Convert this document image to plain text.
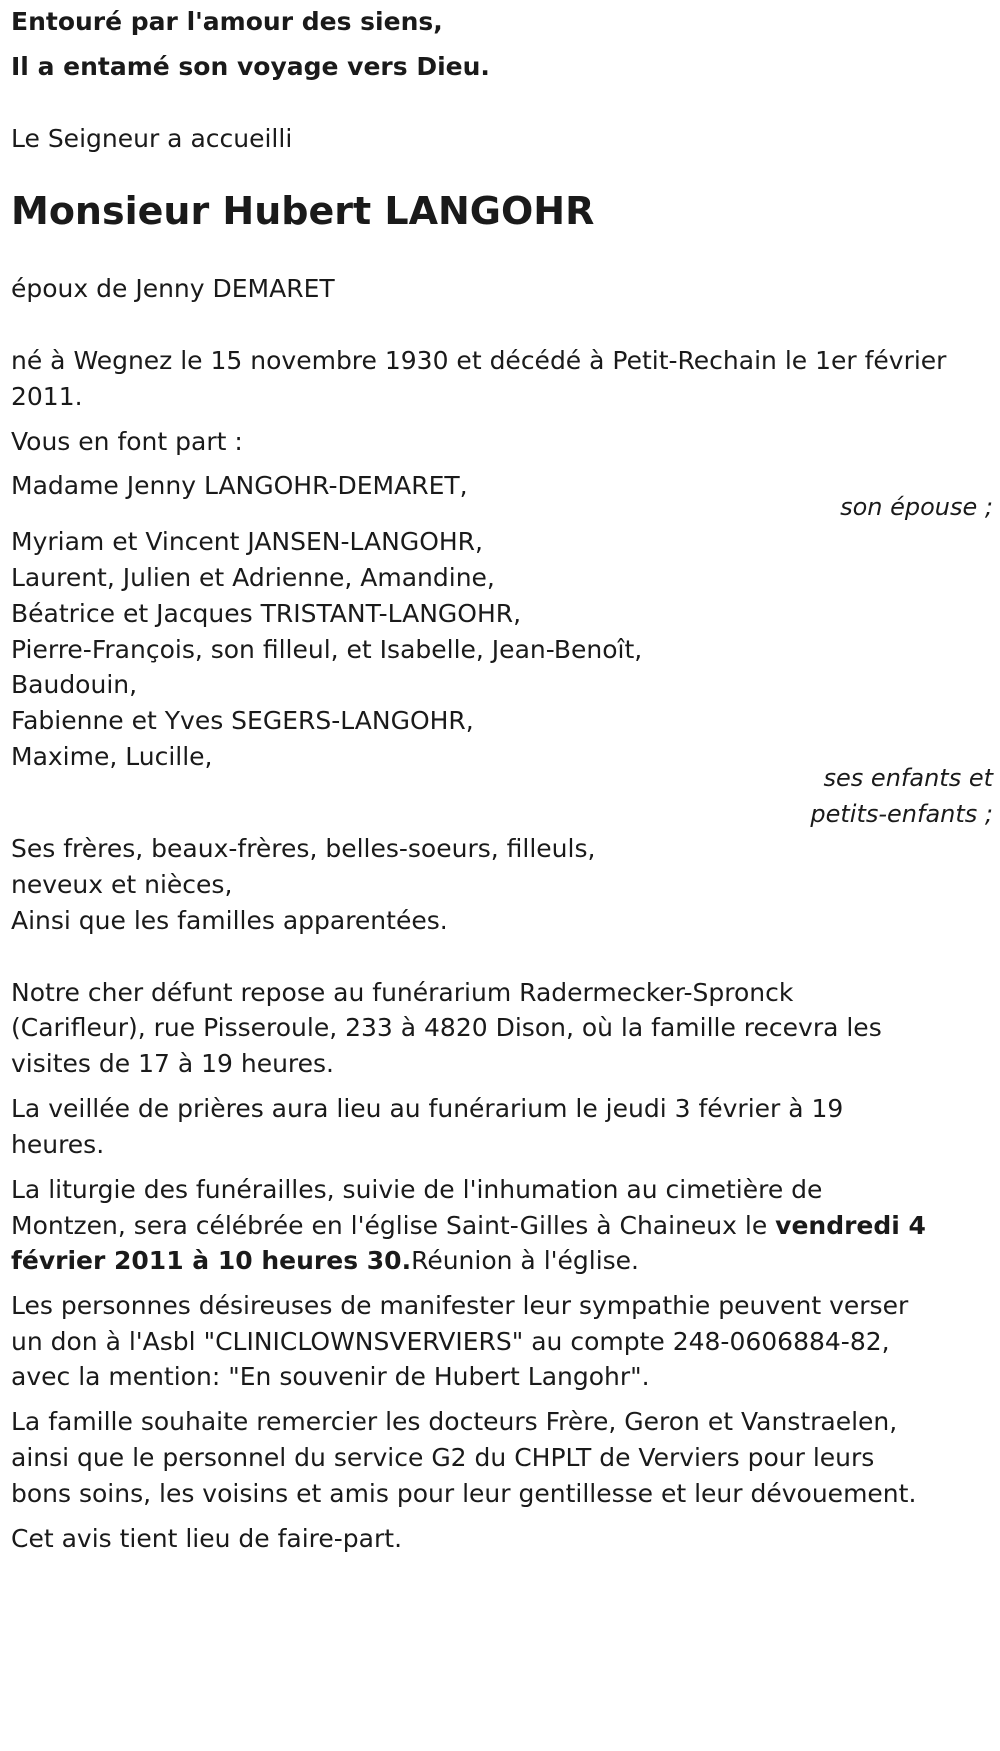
Entouré par l'amour des siens,
Il a entamé son voyage vers Dieu.
Le Seigneur a accueilli
Monsieur Hubert LANGOHR
époux de Jenny DEMARET
né à Wegnez le 15 novembre 1930 et décédé à Petit-Rechain le 1er février
2011.
Vous en font part :
Madame Jenny LANGOHR-DEMARET,
son épouse ;
Myriam et Vincent JANSEN-LANGOHR,
Laurent, Julien et Adrienne, Amandine,
Béatrice et Jacques TRISTANT-LANGOHR,
Pierre-François, son filleul, et Isabelle, Jean-Benoît,
Baudouin,
Fabienne et Yves SEGERS-LANGOHR,
Maxime, Lucille,
ses enfants et
petits-enfants ;
Ses frères, beaux-frères, belles-soeurs, filleuls,
neveux et nièces,
Ainsi que les familles apparentées.
Notre cher défunt repose au funérarium Radermecker-Spronck
(Carifleur), rue Pisseroule, 233 à 4820 Dison, où la famille recevra les
visites de 17 à 19 heures.
La veillée de prières aura lieu au funérarium le jeudi 3 février à 19
heures.
La liturgie des funérailles, suivie de l'inhumation au cimetière de
Montzen, sera célébrée en l'église Saint-Gilles à Chaineux le vendredi 4
février 2011 à 10 heures 30.Réunion à l'église.
Les personnes désireuses de manifester leur sympathie peuvent verser
un don à l'Asbl "CLINICLOWNSVERVIERS" au compte 248-0606884-82,
avec la mention: "En souvenir de Hubert Langohr".
La famille souhaite remercier les docteurs Frère, Geron et Vanstraelen,
ainsi que le personnel du service G2 du CHPLT de Verviers pour leurs
bons soins, les voisins et amis pour leur gentillesse et leur dévouement.
Cet avis tient lieu de faire-part.
